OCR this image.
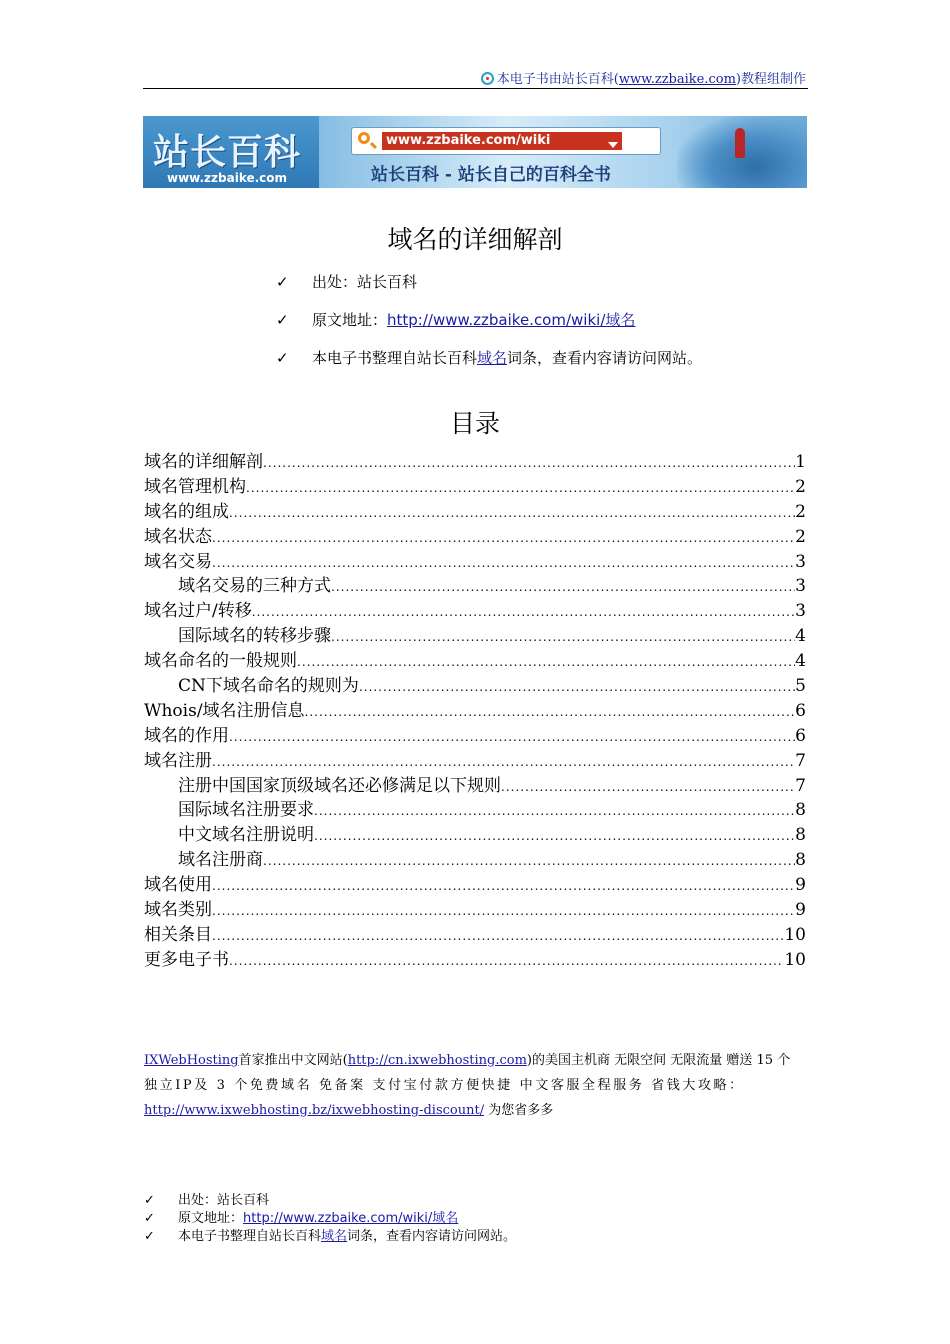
本电子书由站长百科(www.zzbaike.com)教程组制作
站长百科
www.zzbaike.com
www.zzbaike.com/wiki
站长百科 - 站长自己的百科全书
域名的详细解剖
✓ 出处：站长百科
✓ 原文地址：http://www.zzbaike.com/wiki/域名
✓ 本电子书整理自站长百科域名词条，查看内容请访问网站。
目录
域名的详细解剖 .....	1
域名管理机构 .....	2
域名的组成 .....	2
域名状态 .....	2
域名交易 .....	3
域名交易的三种方式 .....	3
域名过户/转移 .....	3
国际域名的转移步骤 .....	4
域名命名的一般规则 .....	4
CN下域名命名的规则为 .....	5
Whois/域名注册信息 .....	6
域名的作用 .....	6
域名注册 .....	7
注册中国国家顶级域名还必修满足以下规则 .....	7
国际域名注册要求 .....	8
中文域名注册说明 .....	8
域名注册商 .....	8
域名使用 .....	9
域名类别 .....	9
相关条目 .....	10
更多电子书 .....	10
IXWebHosting首家推出中文网站(http://cn.ixwebhosting.com)的美国主机商 无限空间 无限流量 赠送 15 个
独立IP及 3 个免费域名 免备案 支付宝付款方便快捷 中文客服全程服务 省钱大攻略：
http://www.ixwebhosting.bz/ixwebhosting-discount/ 为您省多多
✓ 出处：站长百科
✓ 原文地址：http://www.zzbaike.com/wiki/域名
✓ 本电子书整理自站长百科域名词条，查看内容请访问网站。
